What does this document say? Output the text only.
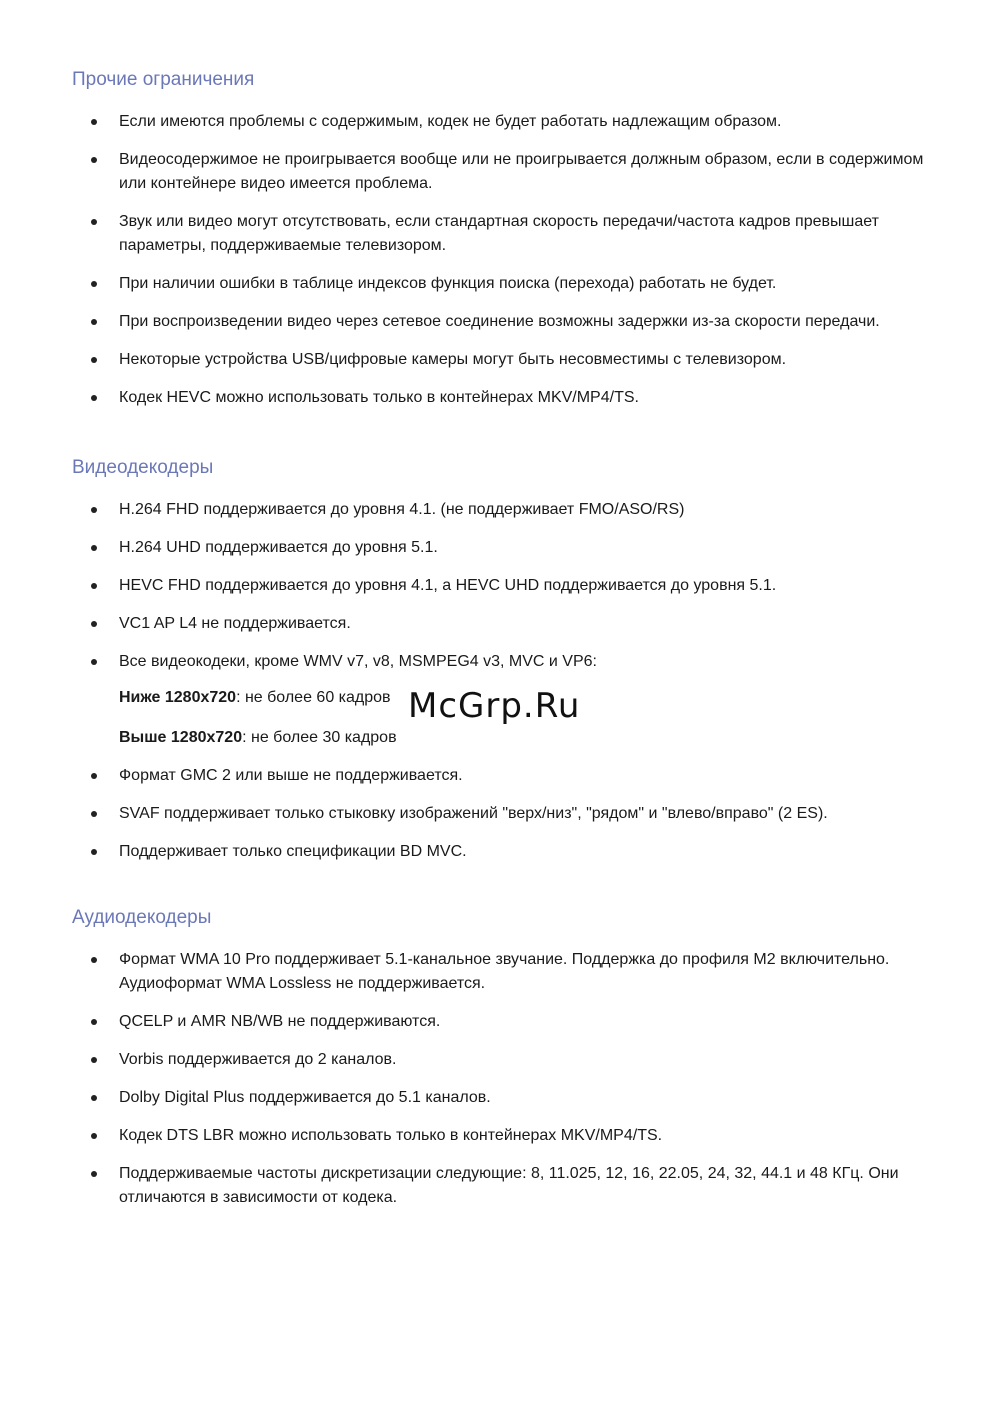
Прочие ограничения
Если имеются проблемы с содержимым, кодек не будет работать надлежащим образом.
Видеосодержимое не проигрывается вообще или не проигрывается должным образом, если в содержимом или контейнере видео имеется проблема.
Звук или видео могут отсутствовать, если стандартная скорость передачи/частота кадров превышает параметры, поддерживаемые телевизором.
При наличии ошибки в таблице индексов функция поиска (перехода) работать не будет.
При воспроизведении видео через сетевое соединение возможны задержки из-за скорости передачи.
Некоторые устройства USB/цифровые камеры могут быть несовместимы с телевизором.
Кодек HEVC можно использовать только в контейнерах MKV/MP4/TS.
Видеодекодеры
H.264 FHD поддерживается до уровня 4.1. (не поддерживает FMO/ASO/RS)
H.264 UHD поддерживается до уровня 5.1.
HEVC FHD поддерживается до уровня 4.1, а HEVC UHD поддерживается до уровня 5.1.
VC1 AP L4 не поддерживается.
Все видеокодеки, кроме WMV v7, v8, MSMPEG4 v3, MVC и VP6:
Ниже 1280x720: не более 60 кадров
Выше 1280x720: не более 30 кадров
Формат GMC 2 или выше не поддерживается.
SVAF поддерживает только стыковку изображений "верх/низ", "рядом" и "влево/вправо" (2 ES).
Поддерживает только спецификации BD MVC.
Аудиодекодеры
Формат WMA 10 Pro поддерживает 5.1-канальное звучание. Поддержка до профиля M2 включительно. Аудиоформат WMA Lossless не поддерживается.
QCELP и AMR NB/WB не поддерживаются.
Vorbis поддерживается до 2 каналов.
Dolby Digital Plus поддерживается до 5.1 каналов.
Кодек DTS LBR можно использовать только в контейнерах MKV/MP4/TS.
Поддерживаемые частоты дискретизации следующие: 8, 11.025, 12, 16, 22.05, 24, 32, 44.1 и 48 КГц. Они отличаются в зависимости от кодека.
McGrp.Ru
